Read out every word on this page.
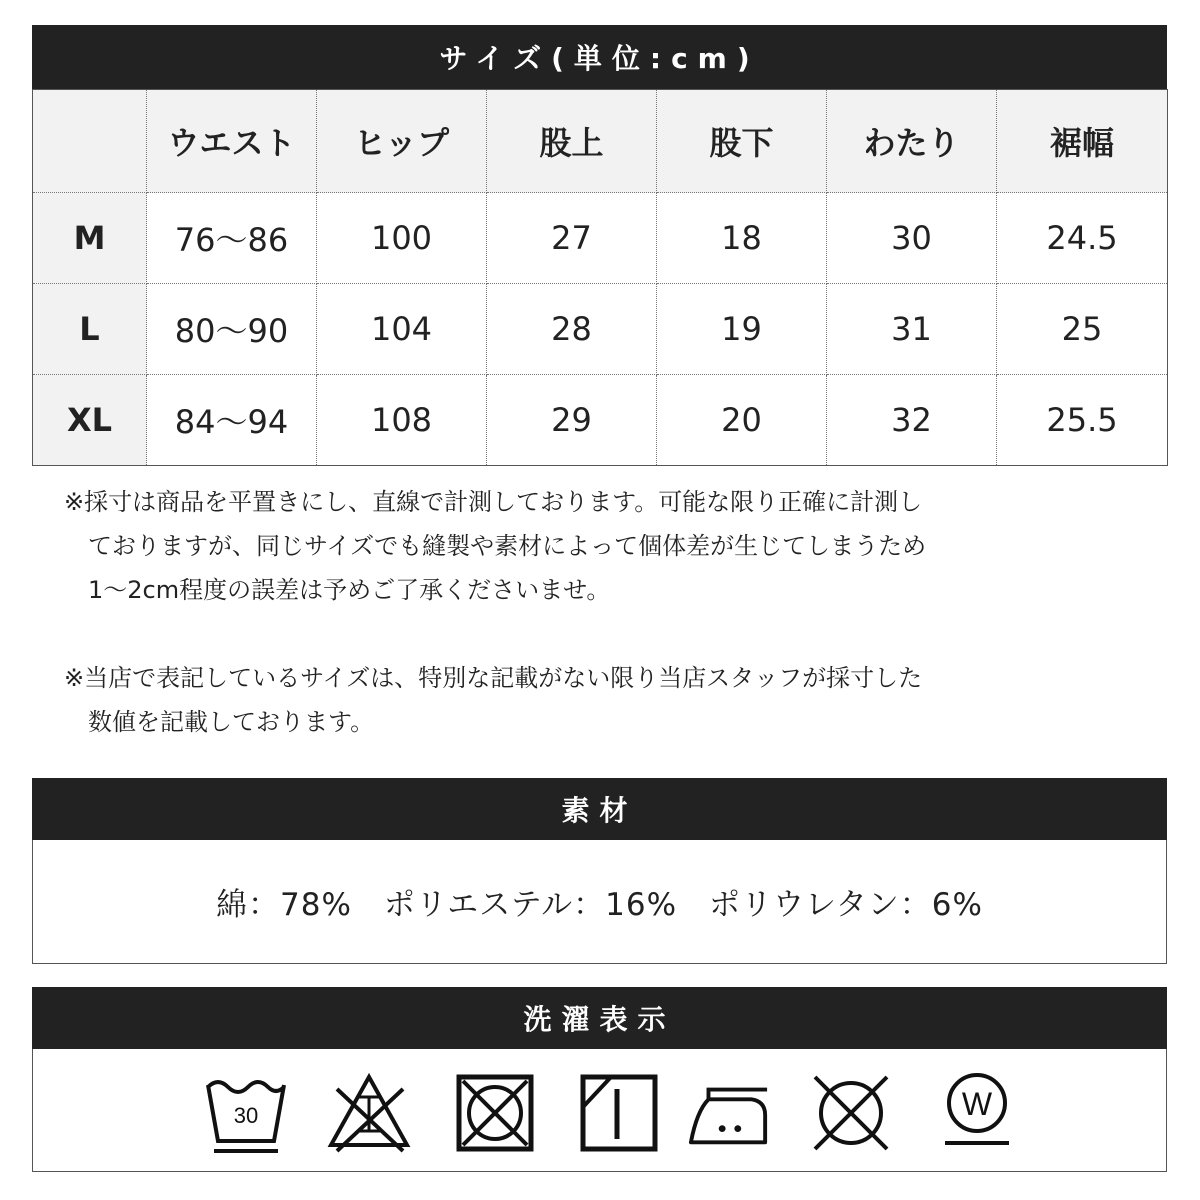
サイズ(単位:cm)
	ウエスト	ヒップ	股上	股下	わたり	裾幅
M	76〜86	100	27	18	30	24.5
L	80〜90	104	28	19	31	25
XL	84〜94	108	29	20	32	25.5

※採寸は商品を平置きにし、直線で計測しております。可能な限り正確に計測し

　ておりますが、同じサイズでも縫製や素材によって個体差が生じてしまうため

　1〜2cm程度の誤差は予めご了承くださいませ。

※当店で表記しているサイズは、特別な記載がない限り当店スタッフが採寸した

　数値を記載しております。

素材
綿：78%　ポリエステル：16%　ポリウレタン：6%
洗濯表示
30	W
